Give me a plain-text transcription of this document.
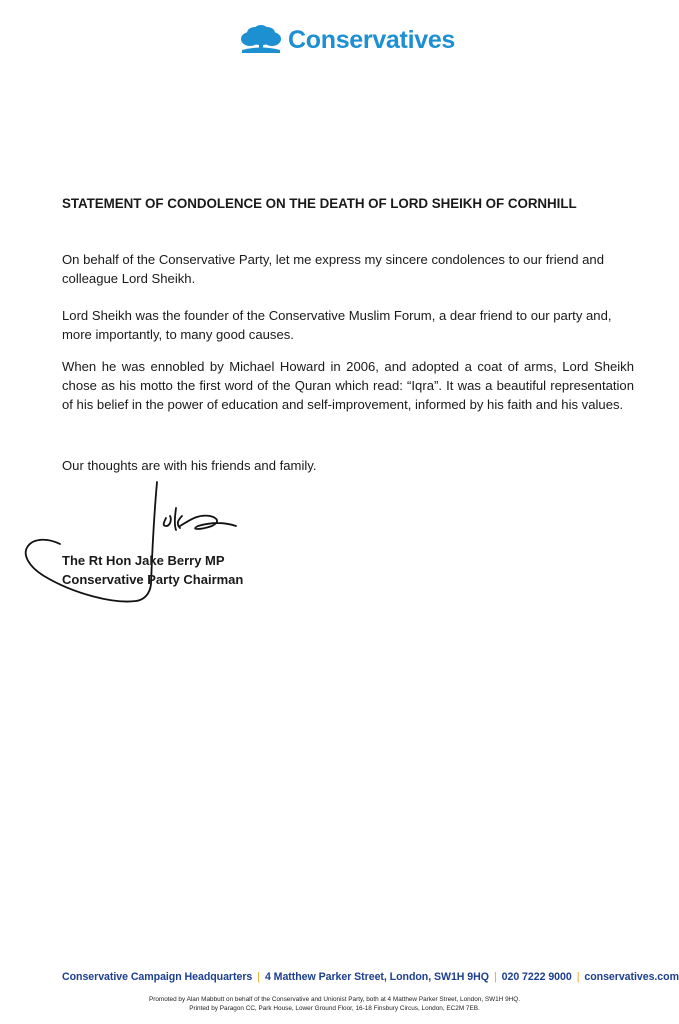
Conservatives
STATEMENT OF CONDOLENCE ON THE DEATH OF LORD SHEIKH OF CORNHILL

On behalf of the Conservative Party, let me express my sincere condolences to our friend and colleague Lord Sheikh.

Lord Sheikh was the founder of the Conservative Muslim Forum, a dear friend to our party and, more importantly, to many good causes.

When he was ennobled by Michael Howard in 2006, and adopted a coat of arms, Lord Sheikh chose as his motto the first word of the Quran which read: “Iqra”. It was a beautiful representation of his belief in the power of education and self-improvement, informed by his faith and his values.

Our thoughts are with his friends and family.

The Rt Hon Jake Berry MP
Conservative Party Chairman
Conservative Campaign Headquarters | 4 Matthew Parker Street, London, SW1H 9HQ | 020 7222 9000 | conservatives.com
Promoted by Alan Mabbutt on behalf of the Conservative and Unionist Party, both at 4 Matthew Parker Street, London, SW1H 9HQ.
Printed by Paragon CC, Park House, Lower Ground Floor, 16-18 Finsbury Circus, London, EC2M 7EB.
